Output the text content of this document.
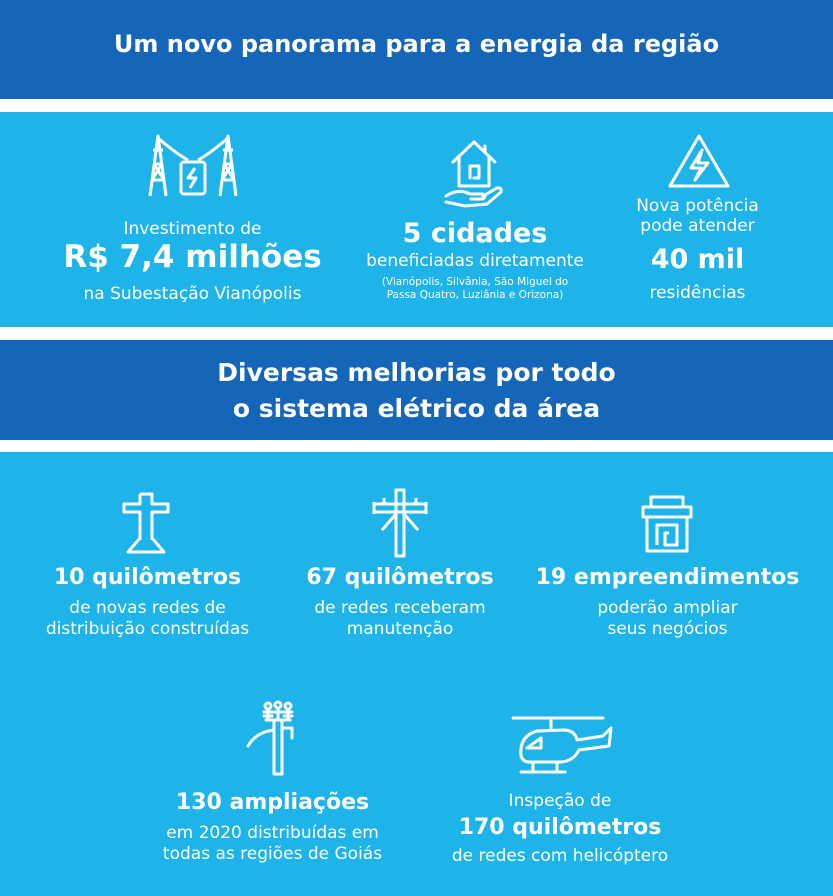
Um novo panorama para a energia da região
Investimento de
R$ 7,4 milhões
na Subestação Vianópolis
5 cidades
beneficiadas diretamente
(Vianópolis, Silvânia, São Miguel do
Passa Quatro, Luziânia e Orizona)
Nova potência
pode atender
40 mil
residências
Diversas melhorias por todo
o sistema elétrico da área
10 quilômetros
de novas redes de
distribuição construídas
67 quilômetros
de redes receberam
manutenção
19 empreendimentos
poderão ampliar
seus negócios
130 ampliações
em 2020 distribuídas em
todas as regiões de Goiás
Inspeção de
170 quilômetros
de redes com helicóptero
